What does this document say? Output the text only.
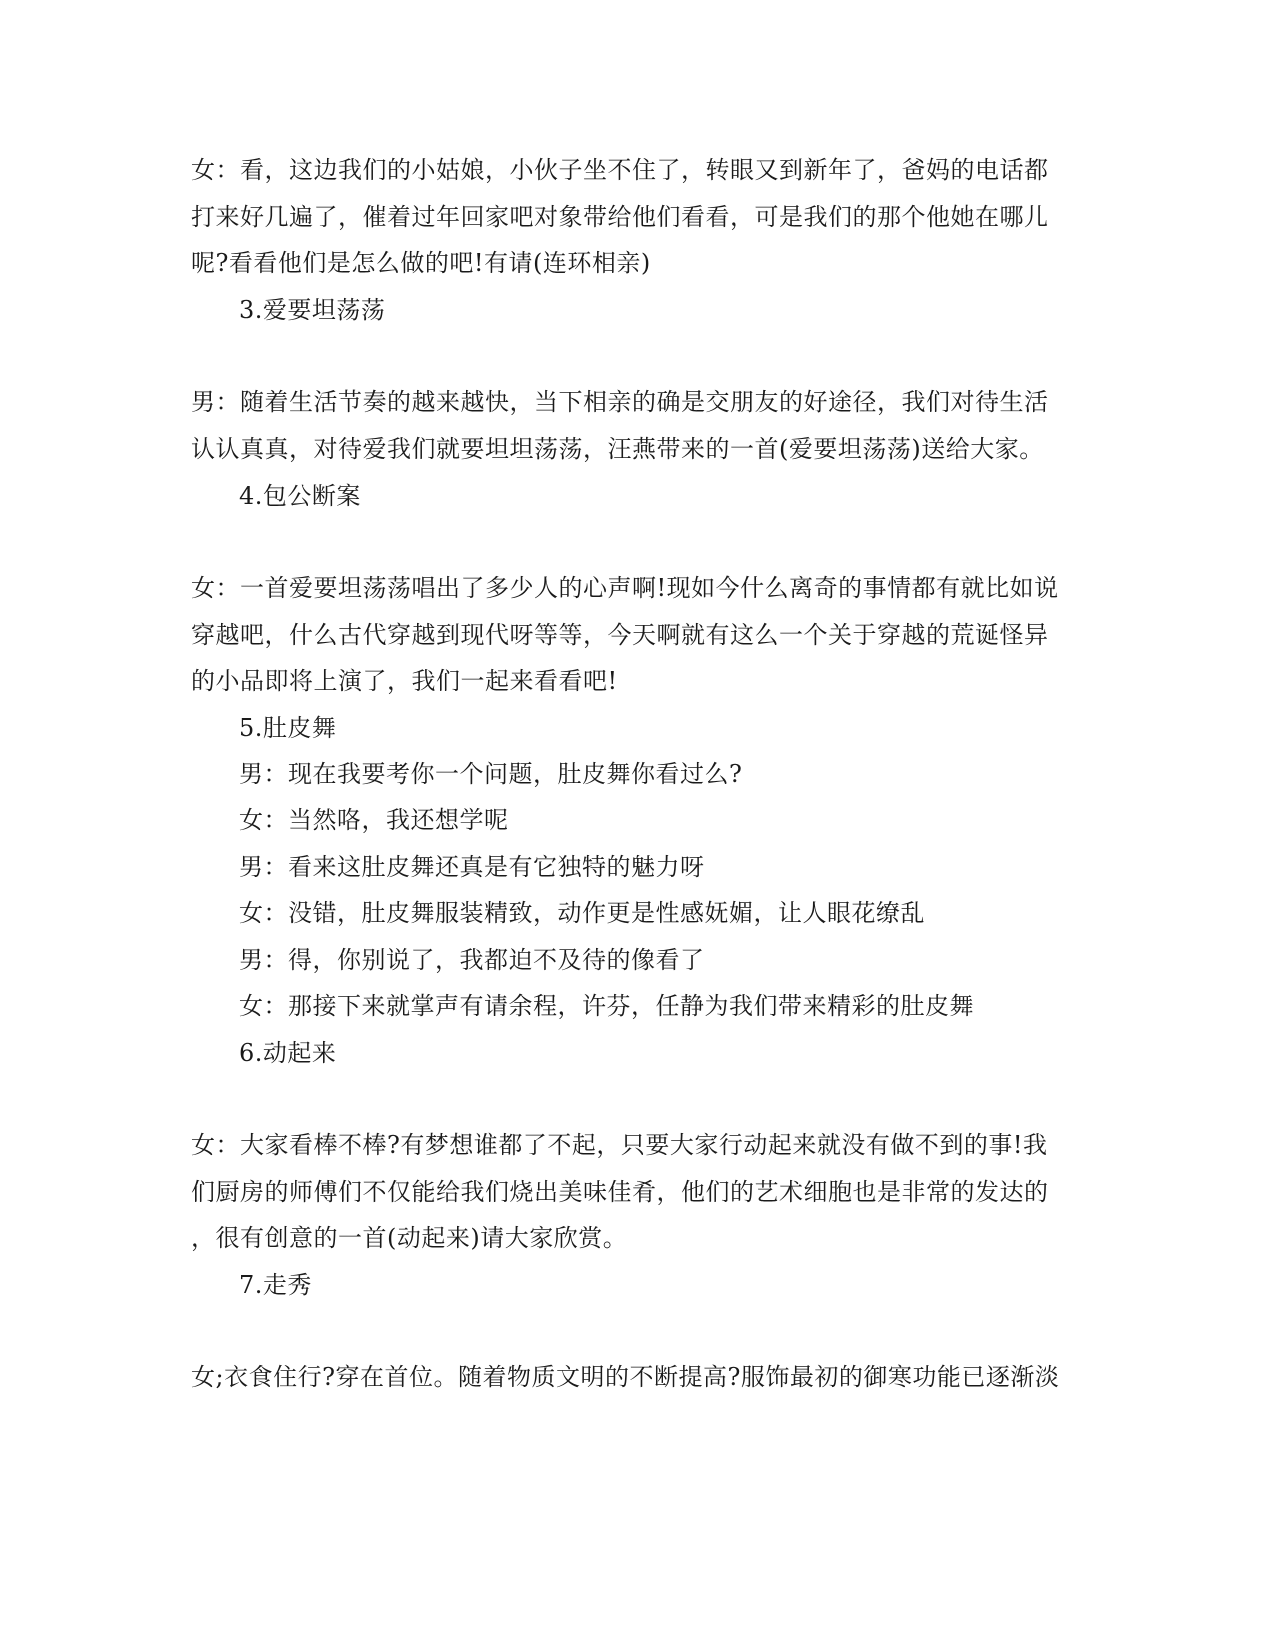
女：看，这边我们的小姑娘，小伙子坐不住了，转眼又到新年了，爸妈的电话都
打来好几遍了，催着过年回家吧对象带给他们看看，可是我们的那个他她在哪儿
呢?看看他们是怎么做的吧!有请(连环相亲)
3.爱要坦荡荡
男：随着生活节奏的越来越快，当下相亲的确是交朋友的好途径，我们对待生活
认认真真，对待爱我们就要坦坦荡荡，汪燕带来的一首(爱要坦荡荡)送给大家。
4.包公断案
女：一首爱要坦荡荡唱出了多少人的心声啊!现如今什么离奇的事情都有就比如说
穿越吧，什么古代穿越到现代呀等等，今天啊就有这么一个关于穿越的荒诞怪异
的小品即将上演了，我们一起来看看吧!
5.肚皮舞
男：现在我要考你一个问题，肚皮舞你看过么?
女：当然咯，我还想学呢
男：看来这肚皮舞还真是有它独特的魅力呀
女：没错，肚皮舞服装精致，动作更是性感妩媚，让人眼花缭乱
男：得，你别说了，我都迫不及待的像看了
女：那接下来就掌声有请余程，许芬，任静为我们带来精彩的肚皮舞
6.动起来
女：大家看棒不棒?有梦想谁都了不起，只要大家行动起来就没有做不到的事!我
们厨房的师傅们不仅能给我们烧出美味佳肴，他们的艺术细胞也是非常的发达的
，很有创意的一首(动起来)请大家欣赏。
7.走秀
女;衣食住行?穿在首位。随着物质文明的不断提高?服饰最初的御寒功能已逐渐淡
